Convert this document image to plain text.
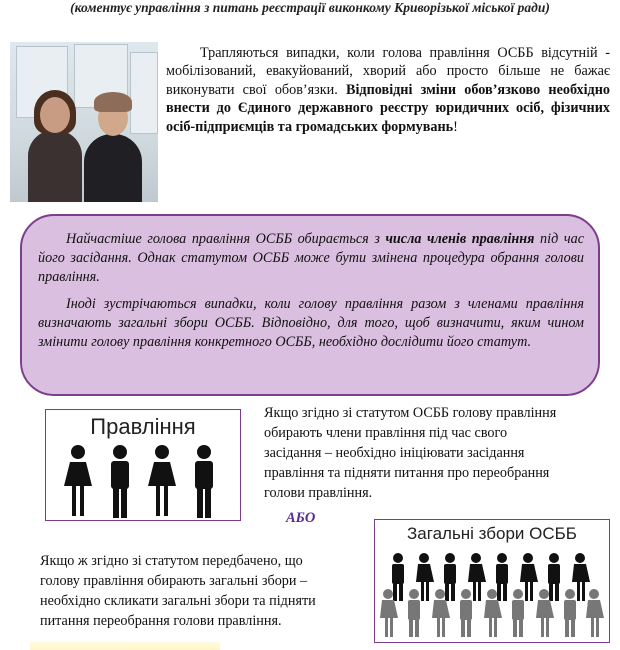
(коментує управління з питань реєстрації виконкому Криворізької міської ради)
Трапляються випадки, коли голова правління ОСББ відсутній - мобілізований, евакуйований, хворий або просто більше не бажає виконувати свої обов’язки. Відповідні зміни обов’язково необхідно внести до Єдиного державного реєстру юридичних осіб, фізичних осіб-підприємців та громадських формувань!

Найчастіше голова правління ОСББ обирається з числа членів правління під час його засідання. Однак статутом ОСББ може бути змінена процедура обрання голови правління.

Іноді зустрічаються випадки, коли голову правління разом з членами правління визначають загальні збори ОСББ. Відповідно, для того, щоб визначити, яким чином змінити голову правління конкретного ОСББ, необхідно дослідити його статут.

Правління
Якщо згідно зі статутом ОСББ голову правління обирають члени правління під час свого засідання – необхідно ініціювати засідання правління та підняти питання про переобрання голови правління.
АБО
Якщо ж згідно зі статутом передбачено, що голову правління обирають загальні збори – необхідно скликати загальні збори та підняти питання переобрання голови правління.
Загальні збори ОСББ
